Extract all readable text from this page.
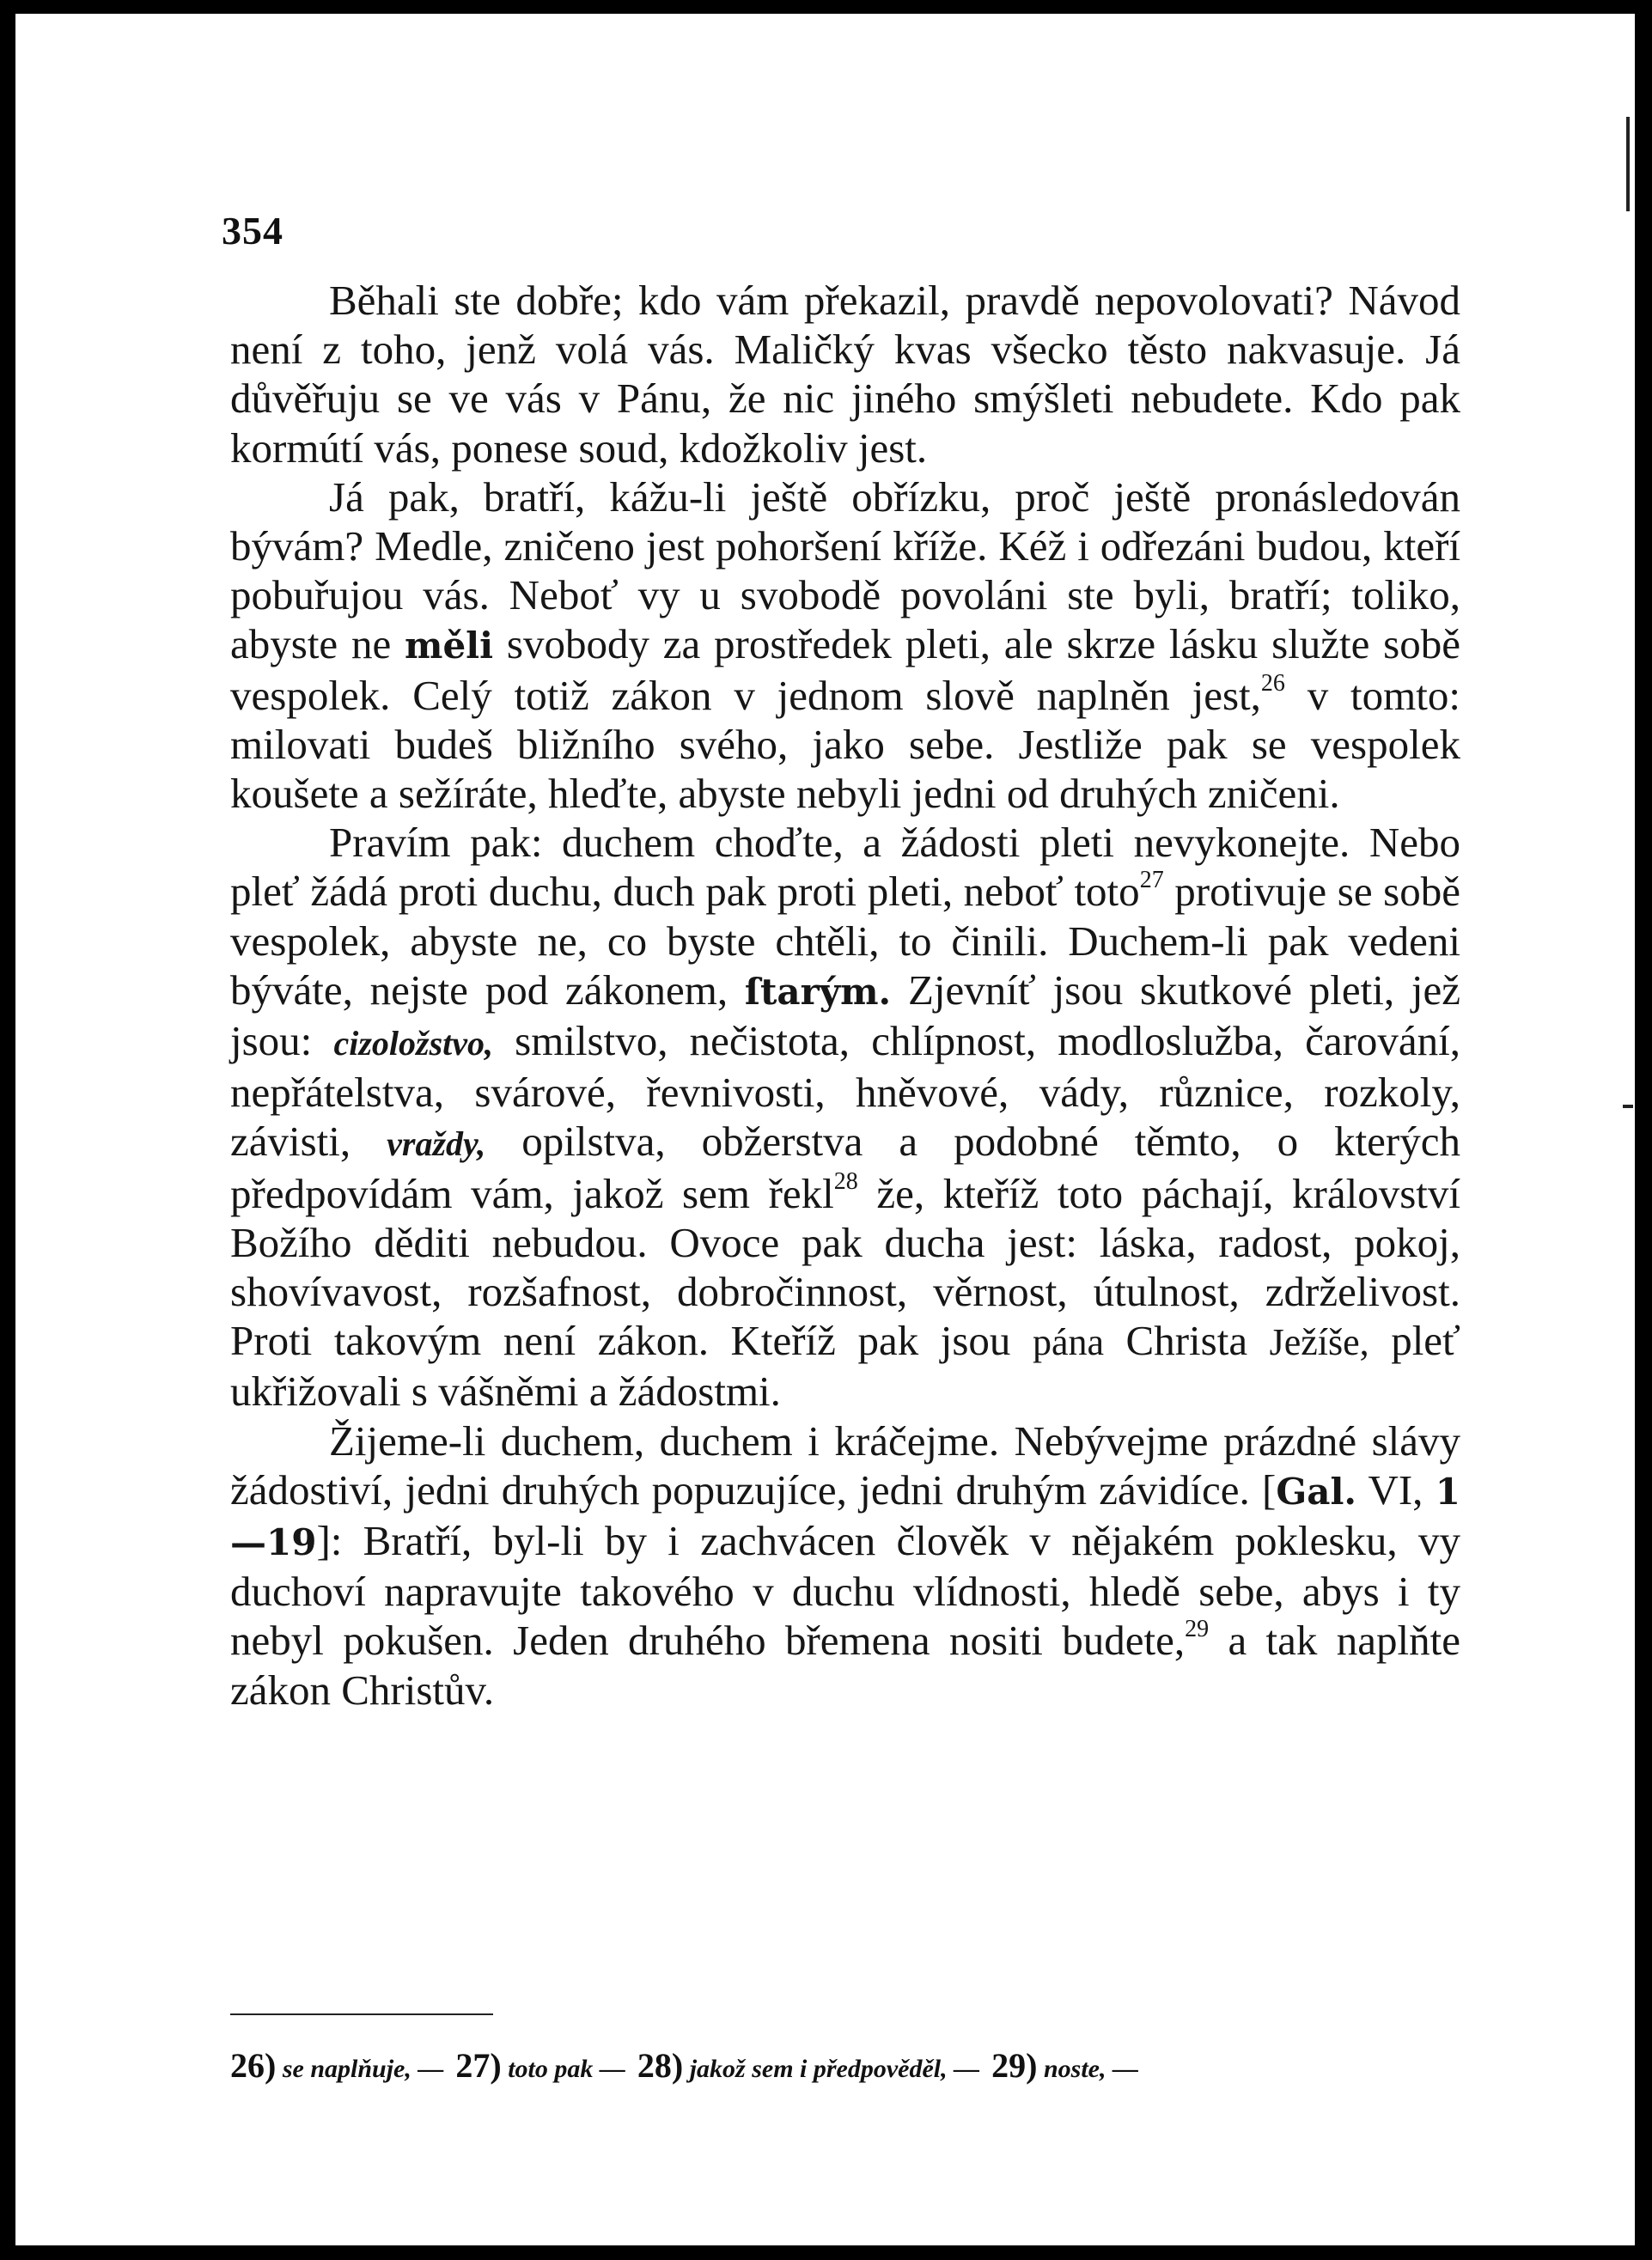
354

Běhali ste dobře; kdo vám překazil, pravdě nepovolovati? Návod není z toho, jenž volá vás. Maličký kvas všecko těsto nakvasuje. Já důvěřuju se ve vás v Pánu, že nic jiného smýšleti nebudete. Kdo pak kormútí vás, ponese soud, kdožkoliv jest.

Já pak, bratří, kážu-li ještě obřízku, proč ještě pronásledován bývám? Medle, zničeno jest pohoršení kříže. Kéž i odřezáni budou, kteří pobuřujou vás. Neboť vy u svobodě povoláni ste byli, bratří; toliko, abyste ne měli svobody za prostředek pleti, ale skrze lásku služte sobě vespolek. Celý totiž zákon v jednom slově naplněn jest,$^{26}$ v tomto: milovati budeš bližního svého, jako sebe. Jestliže pak se vespolek koušete a sežíráte, hleďte, abyste nebyli jedni od druhých zničeni.

Pravím pak: duchem choďte, a žádosti pleti nevykonejte. Nebo pleť žádá proti duchu, duch pak proti pleti, neboť toto$^{27}$ protivuje se sobě vespolek, abyste ne, co byste chtěli, to činili. Duchem-li pak vedeni býváte, nejste pod zákonem, ſtarým. Zjevníť jsou skutkové pleti, jež jsou: cizoložstvo, smilstvo, nečistota, chlípnost, modloslužba, čarování, nepřátelstva, svárové, řevnivosti, hněvové, vády, různice, rozkoly, závisti, vraždy, opilstva, obžerstva a podobné těmto, o kterých předpovídám vám, jakož sem řekl$^{28}$ že, kteříž toto páchají, království Božího děditi nebudou. Ovoce pak ducha jest: láska, radost, pokoj, shovívavost, rozšafnost, dobročinnost, věrnost, útulnost, zdrželivost. Proti takovým není zákon. Kteříž pak jsou pána Christa Ježíše, pleť ukřižovali s vášněmi a žádostmi.

Žijeme-li duchem, duchem i kráčejme. Nebývejme prázdné slávy žádostiví, jedni druhých popuzujíce, jedni druhým závidíce. [Gal. VI, 1—19]: Bratří, byl-li by i zachvácen člověk v nějakém poklesku, vy duchoví napravujte takového v duchu vlídnosti, hledě sebe, abys i ty nebyl pokušen. Jeden druhého břemena nositi budete,$^{29}$ a tak naplňte zákon Christův.

26) se naplňuje, — 27) toto pak — 28) jakož sem i předpověděl, — 29) noste, —
